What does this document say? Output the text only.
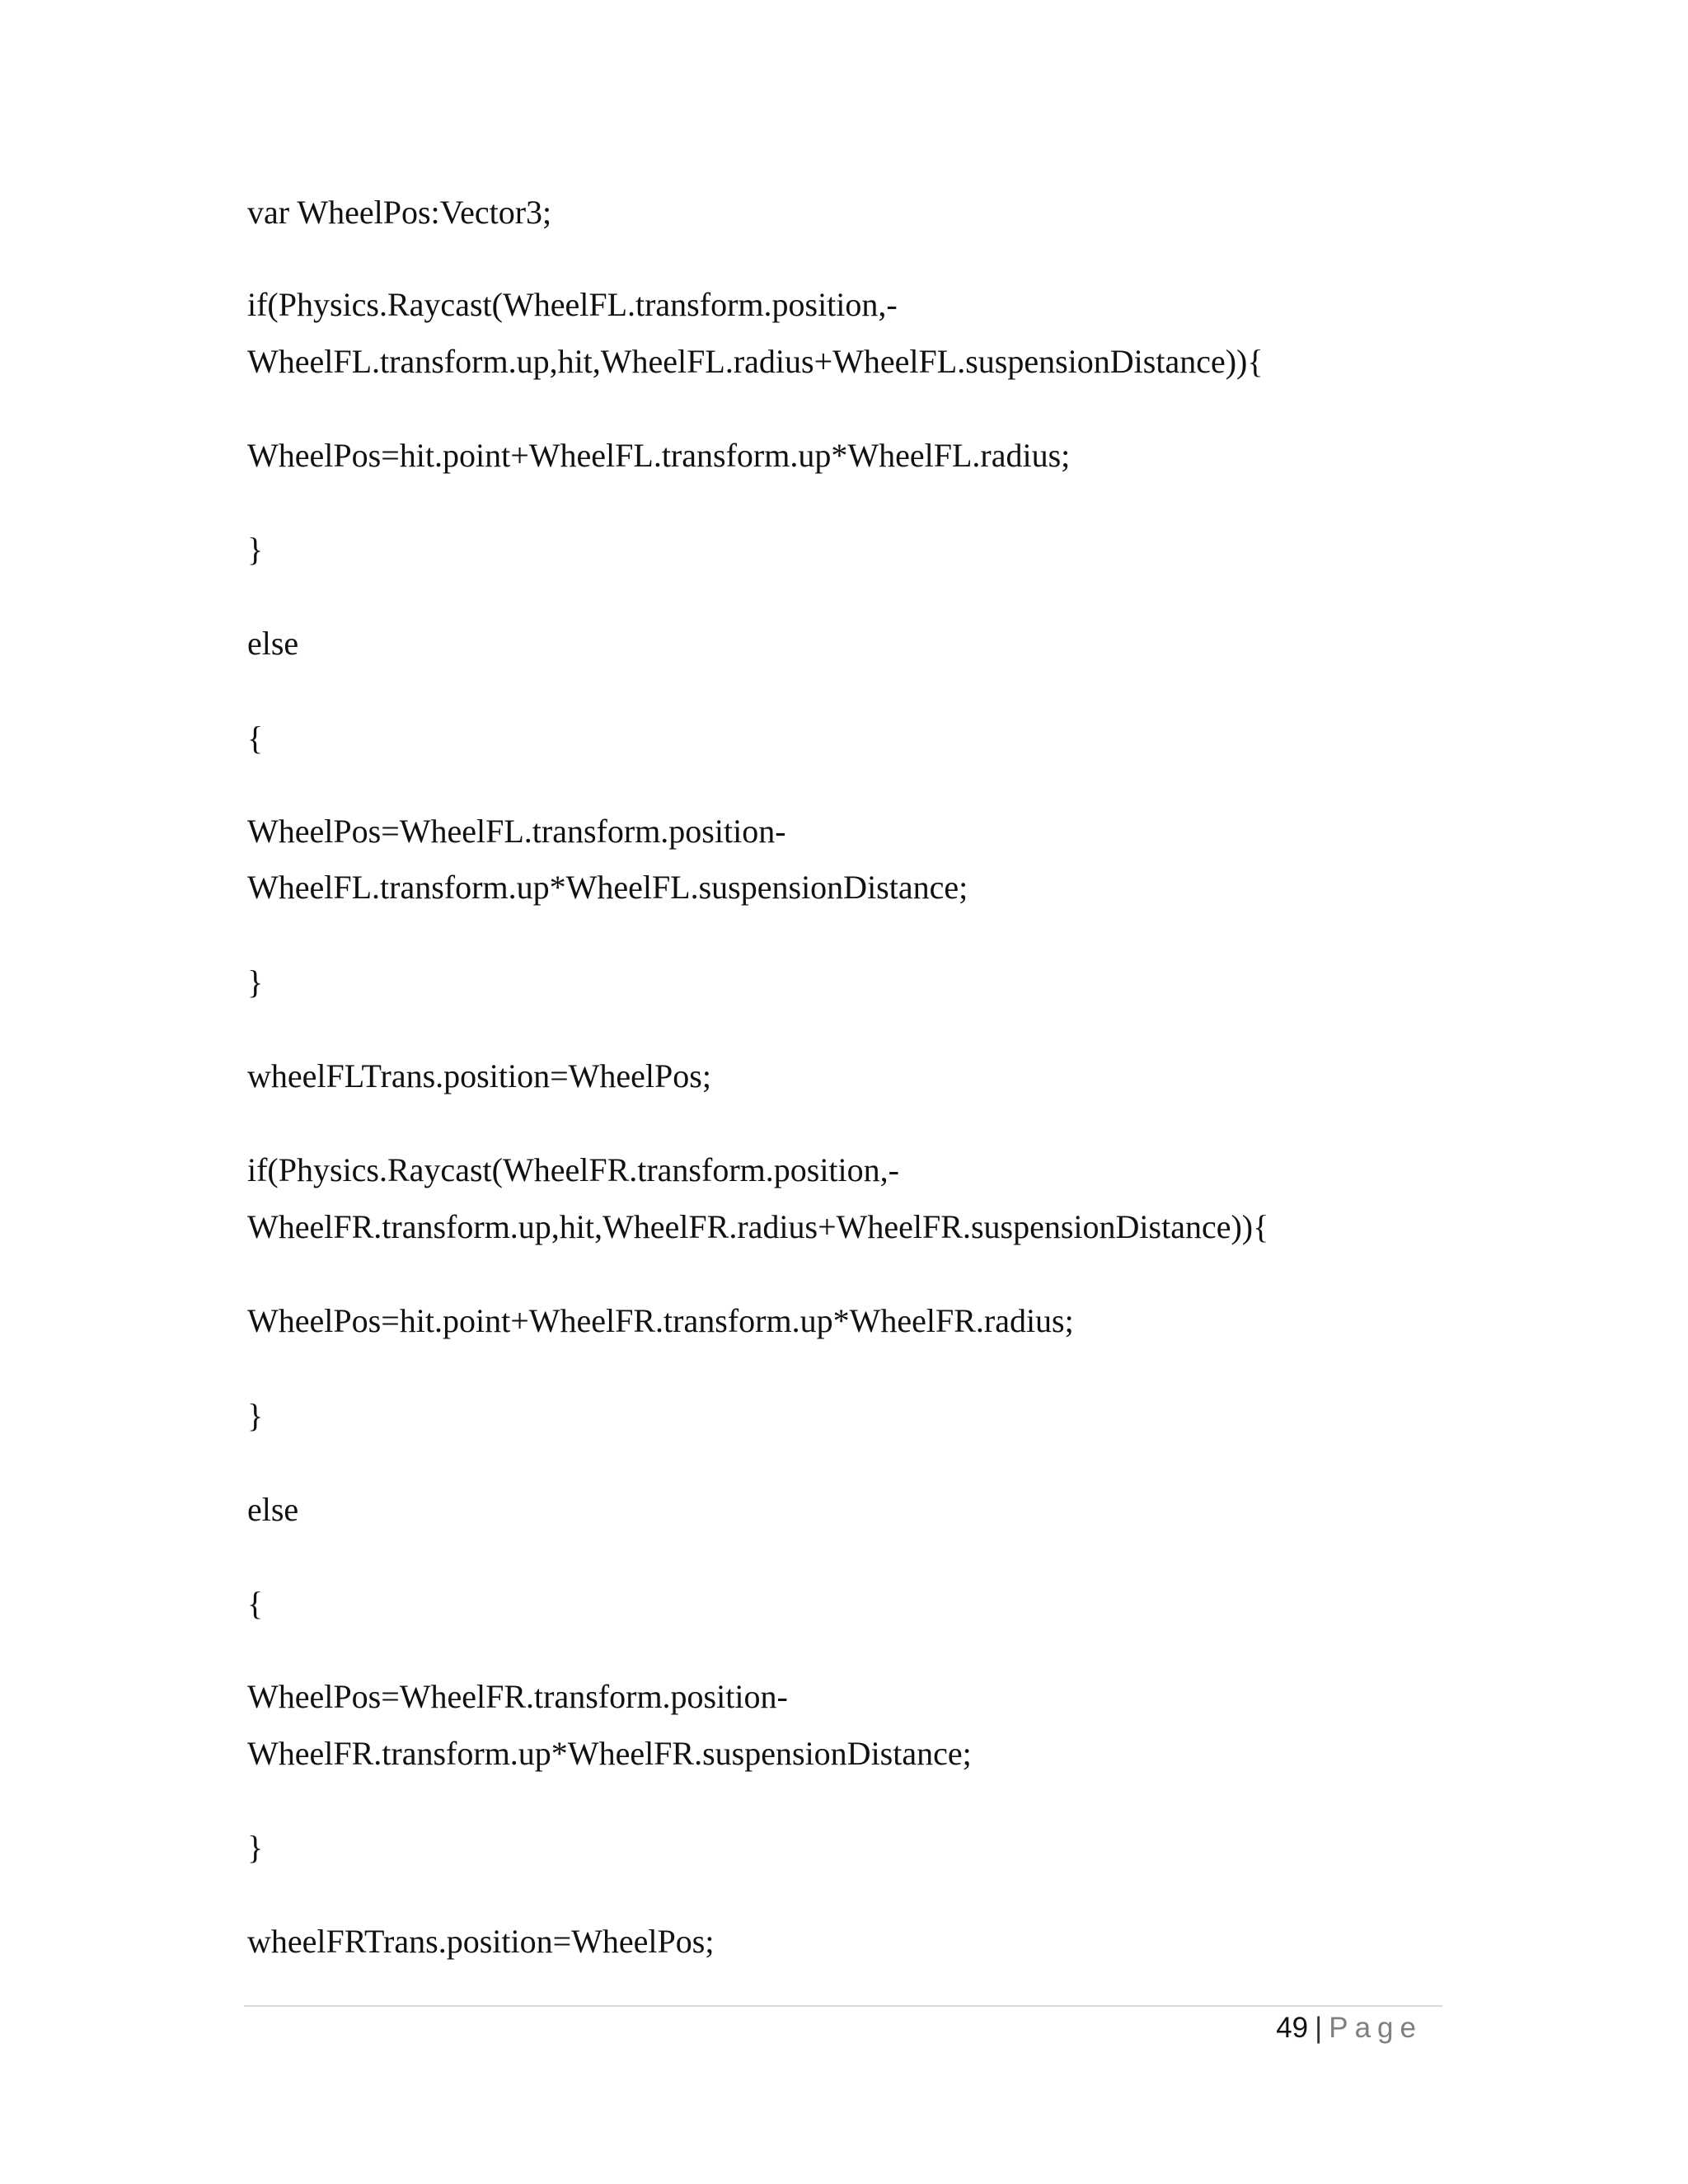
var WheelPos:Vector3;
if(Physics.Raycast(WheelFL.transform.position,-
WheelFL.transform.up,hit,WheelFL.radius+WheelFL.suspensionDistance)){
WheelPos=hit.point+WheelFL.transform.up*WheelFL.radius;
}
else
{
WheelPos=WheelFL.transform.position-
WheelFL.transform.up*WheelFL.suspensionDistance;
}
wheelFLTrans.position=WheelPos;
if(Physics.Raycast(WheelFR.transform.position,-
WheelFR.transform.up,hit,WheelFR.radius+WheelFR.suspensionDistance)){
WheelPos=hit.point+WheelFR.transform.up*WheelFR.radius;
}
else
{
WheelPos=WheelFR.transform.position-
WheelFR.transform.up*WheelFR.suspensionDistance;
}
wheelFRTrans.position=WheelPos;
49 | Page
